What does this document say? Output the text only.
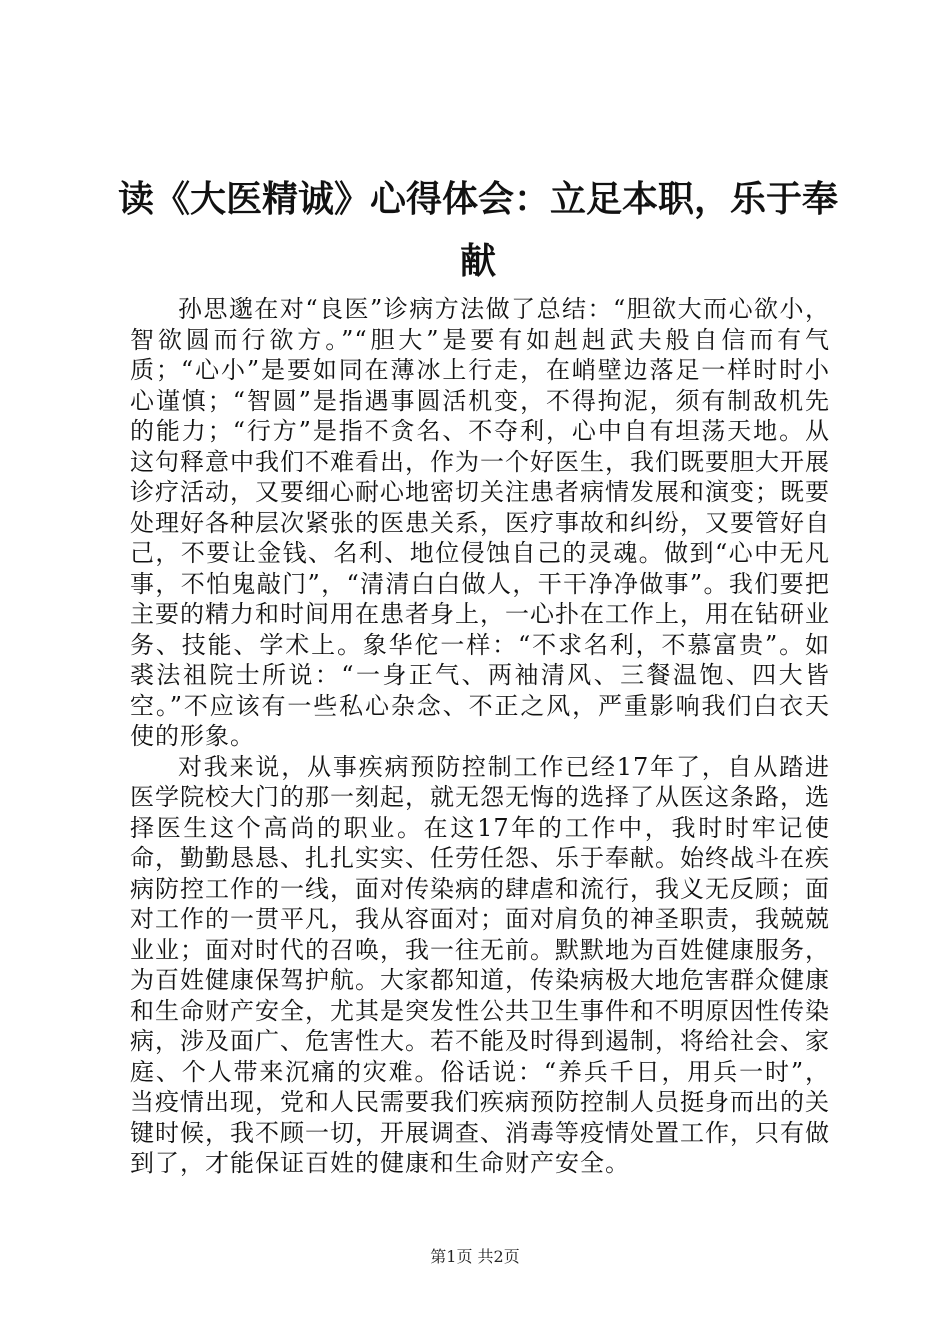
读《大医精诚》心得体会：立足本职，乐于奉献

孙思邈在对“良医”诊病方法做了总结：“胆欲大而心欲小，智欲圆而行欲方。”“胆大”是要有如赳赳武夫般自信而有气质；“心小”是要如同在薄冰上行走，在峭壁边落足一样时时小心谨慎；“智圆”是指遇事圆活机变，不得拘泥，须有制敌机先的能力；“行方”是指不贪名、不夺利，心中自有坦荡天地。从这句释意中我们不难看出，作为一个好医生，我们既要胆大开展诊疗活动，又要细心耐心地密切关注患者病情发展和演变；既要处理好各种层次紧张的医患关系，医疗事故和纠纷，又要管好自己，不要让金钱、名利、地位侵蚀自己的灵魂。做到“心中无凡事，不怕鬼敲门”，“清清白白做人，干干净净做事”。我们要把主要的精力和时间用在患者身上，一心扑在工作上，用在钻研业务、技能、学术上。象华佗一样：“不求名利，不慕富贵”。如裘法祖院士所说：“一身正气、两袖清风、三餐温饱、四大皆空。”不应该有一些私心杂念、不正之风，严重影响我们白衣天使的形象。

对我来说，从事疾病预防控制工作已经17年了，自从踏进医学院校大门的那一刻起，就无怨无悔的选择了从医这条路，选择医生这个高尚的职业。在这17年的工作中，我时时牢记使命，勤勤恳恳、扎扎实实、任劳任怨、乐于奉献。始终战斗在疾病防控工作的一线，面对传染病的肆虐和流行，我义无反顾；面对工作的一贯平凡，我从容面对；面对肩负的神圣职责，我兢兢业业；面对时代的召唤，我一往无前。默默地为百姓健康服务，为百姓健康保驾护航。大家都知道，传染病极大地危害群众健康和生命财产安全，尤其是突发性公共卫生事件和不明原因性传染病，涉及面广、危害性大。若不能及时得到遏制，将给社会、家庭、个人带来沉痛的灾难。俗话说：“养兵千日，用兵一时”，当疫情出现，党和人民需要我们疾病预防控制人员挺身而出的关键时候，我不顾一切，开展调查、消毒等疫情处置工作，只有做到了，才能保证百姓的健康和生命财产安全。

第1页 共2页
